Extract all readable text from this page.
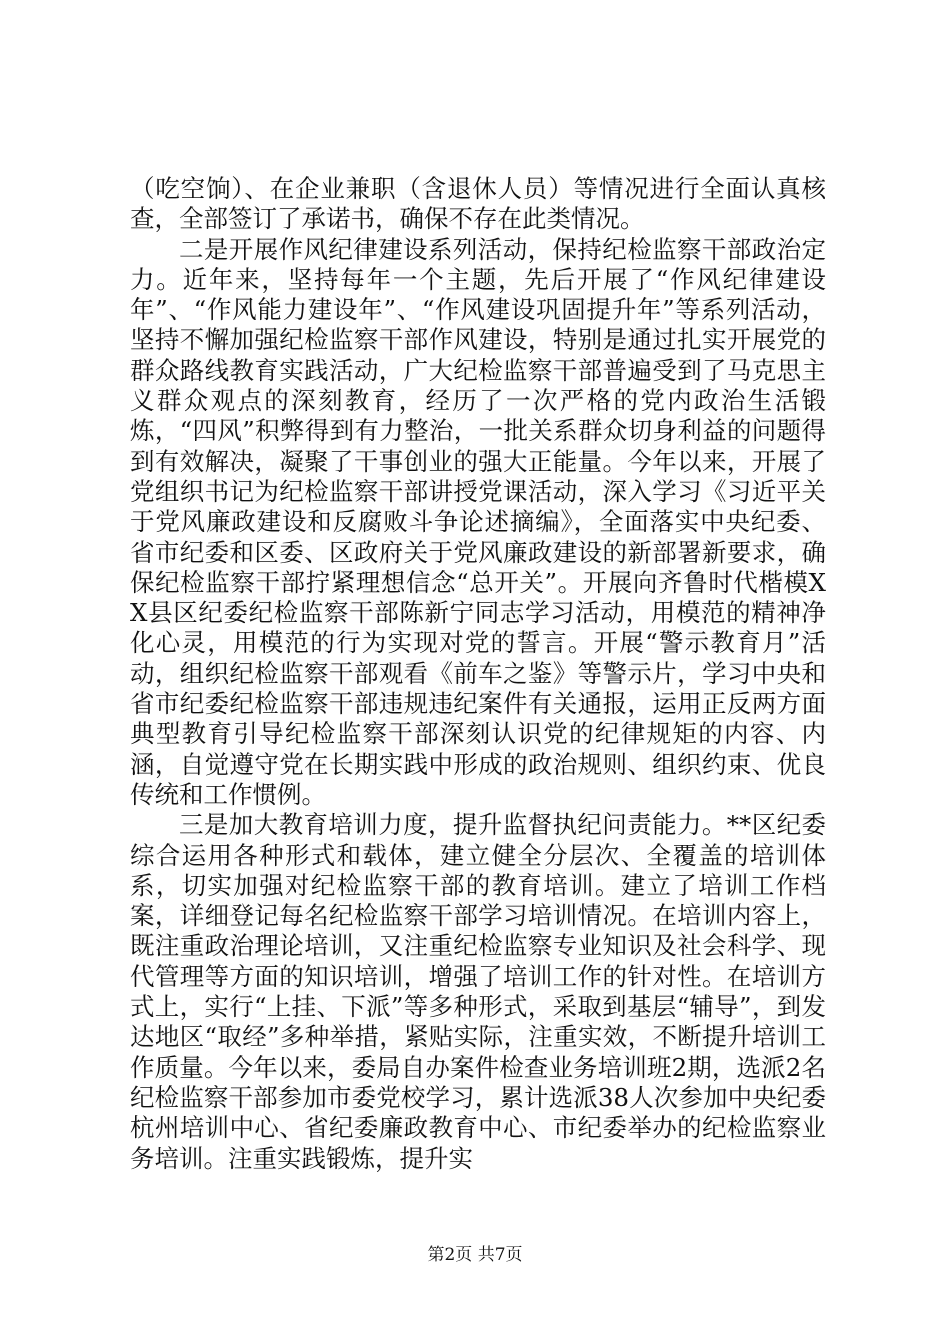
（吃空饷）、在企业兼职（含退休人员）等情况进行全面认真核查，全部签订了承诺书，确保不存在此类情况。

二是开展作风纪律建设系列活动，保持纪检监察干部政治定力。近年来，坚持每年一个主题，先后开展了“作风纪律建设年”、“作风能力建设年”、“作风建设巩固提升年”等系列活动，坚持不懈加强纪检监察干部作风建设，特别是通过扎实开展党的群众路线教育实践活动，广大纪检监察干部普遍受到了马克思主义群众观点的深刻教育，经历了一次严格的党内政治生活锻炼，“四风”积弊得到有力整治，一批关系群众切身利益的问题得到有效解决，凝聚了干事创业的强大正能量。今年以来，开展了党组织书记为纪检监察干部讲授党课活动，深入学习《习近平关于党风廉政建设和反腐败斗争论述摘编》，全面落实中央纪委、省市纪委和区委、区政府关于党风廉政建设的新部署新要求，确保纪检监察干部拧紧理想信念“总开关”。开展向齐鲁时代楷模XX县区纪委纪检监察干部陈新宁同志学习活动，用模范的精神净化心灵，用模范的行为实现对党的誓言。开展“警示教育月”活动，组织纪检监察干部观看《前车之鉴》等警示片，学习中央和省市纪委纪检监察干部违规违纪案件有关通报，运用正反两方面典型教育引导纪检监察干部深刻认识党的纪律规矩的内容、内涵，自觉遵守党在长期实践中形成的政治规则、组织约束、优良传统和工作惯例。

三是加大教育培训力度，提升监督执纪问责能力。**区纪委综合运用各种形式和载体，建立健全分层次、全覆盖的培训体系，切实加强对纪检监察干部的教育培训。建立了培训工作档案，详细登记每名纪检监察干部学习培训情况。在培训内容上，既注重政治理论培训，又注重纪检监察专业知识及社会科学、现代管理等方面的知识培训，增强了培训工作的针对性。在培训方式上，实行“上挂、下派”等多种形式，采取到基层“辅导”，到发达地区“取经”多种举措，紧贴实际，注重实效，不断提升培训工作质量。今年以来，委局自办案件检查业务培训班2期，选派2名纪检监察干部参加市委党校学习，累计选派38人次参加中央纪委杭州培训中心、省纪委廉政教育中心、市纪委举办的纪检监察业务培训。注重实践锻炼，提升实

第2页 共7页
